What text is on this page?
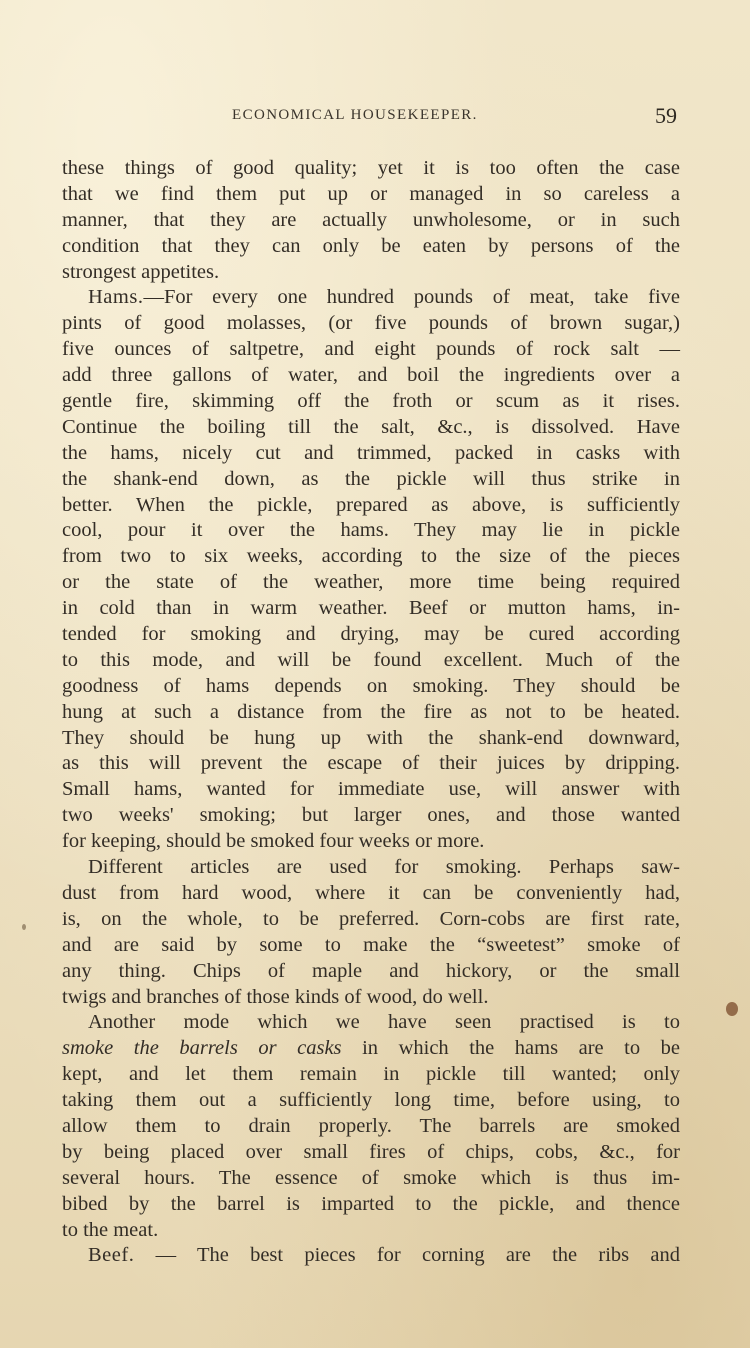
ECONOMICAL HOUSEKEEPER.	59
these things of good quality; yet it is too often the case
that we find them put up or managed in so careless a
manner, that they are actually unwholesome, or in such
condition that they can only be eaten by persons of the
strongest appetites.
Hams.—For every one hundred pounds of meat, take five
pints of good molasses, (or five pounds of brown sugar,)
five ounces of saltpetre, and eight pounds of rock salt —
add three gallons of water, and boil the ingredients over a
gentle fire, skimming off the froth or scum as it rises.
Continue the boiling till the salt, &c., is dissolved. Have
the hams, nicely cut and trimmed, packed in casks with
the shank-end down, as the pickle will thus strike in
better. When the pickle, prepared as above, is sufficiently
cool, pour it over the hams. They may lie in pickle
from two to six weeks, according to the size of the pieces
or the state of the weather, more time being required
in cold than in warm weather. Beef or mutton hams, in-
tended for smoking and drying, may be cured according
to this mode, and will be found excellent. Much of the
goodness of hams depends on smoking. They should be
hung at such a distance from the fire as not to be heated.
They should be hung up with the shank-end downward,
as this will prevent the escape of their juices by dripping.
Small hams, wanted for immediate use, will answer with
two weeks' smoking; but larger ones, and those wanted
for keeping, should be smoked four weeks or more.
Different articles are used for smoking. Perhaps saw-
dust from hard wood, where it can be conveniently had,
is, on the whole, to be preferred. Corn-cobs are first rate,
and are said by some to make the “sweetest” smoke of
any thing. Chips of maple and hickory, or the small
twigs and branches of those kinds of wood, do well.
Another mode which we have seen practised is to
smoke the barrels or casks in which the hams are to be
kept, and let them remain in pickle till wanted; only
taking them out a sufficiently long time, before using, to
allow them to drain properly. The barrels are smoked
by being placed over small fires of chips, cobs, &c., for
several hours. The essence of smoke which is thus im-
bibed by the barrel is imparted to the pickle, and thence
to the meat.
Beef. — The best pieces for corning are the ribs and
